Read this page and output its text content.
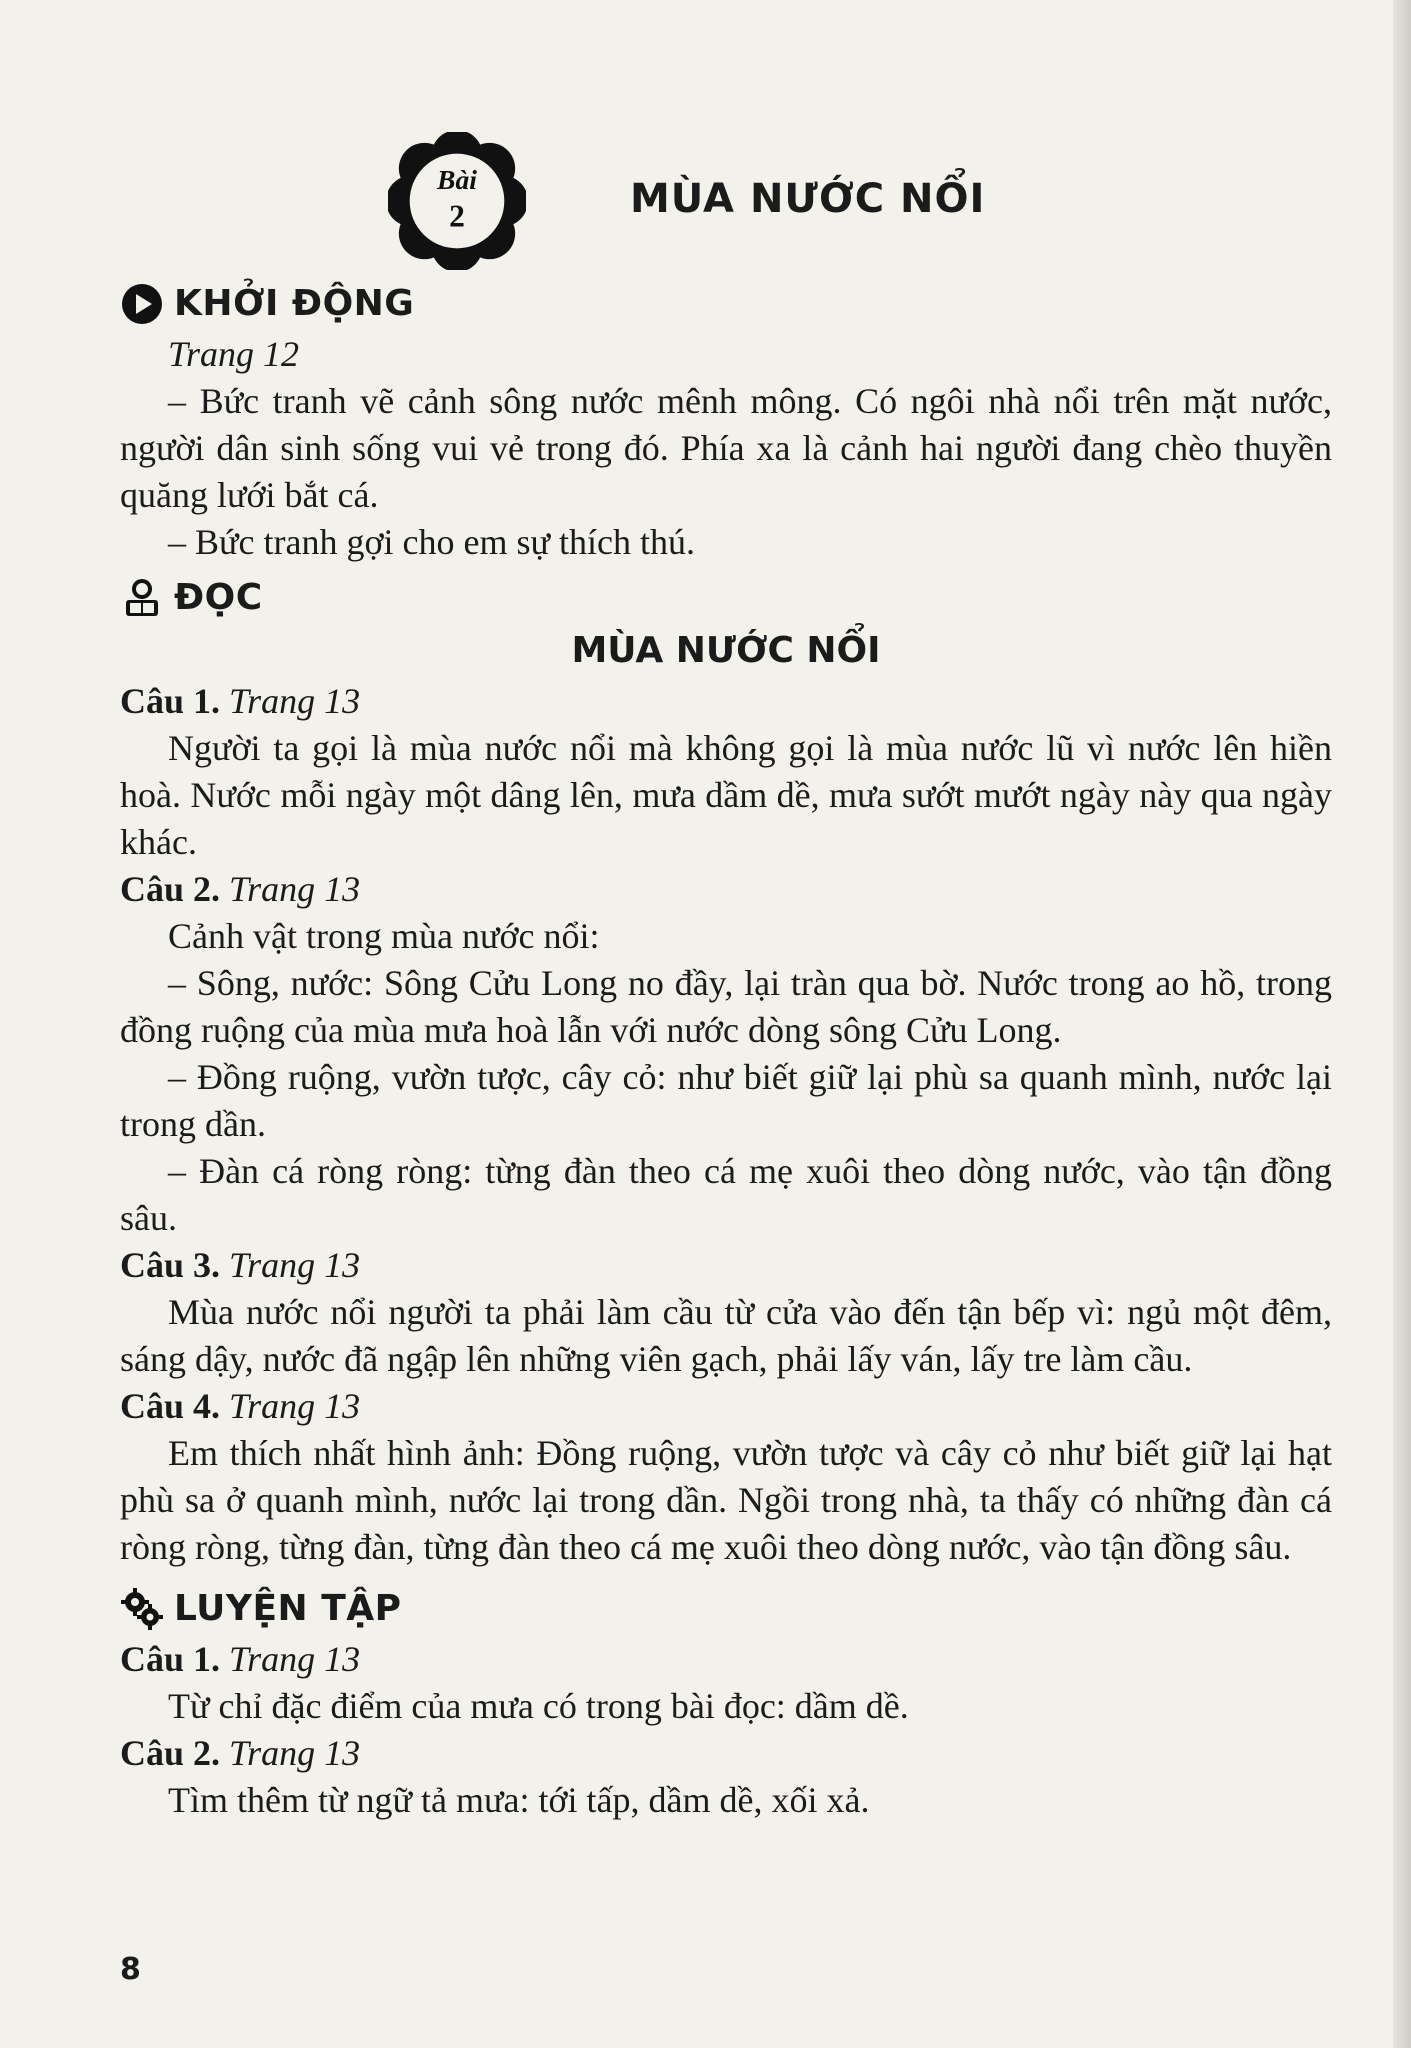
Bài
2	MÙA NƯỚC NỔI
KHỞI ĐỘNG

Trang 12

– Bức tranh vẽ cảnh sông nước mênh mông. Có ngôi nhà nổi trên mặt nước, người dân sinh sống vui vẻ trong đó. Phía xa là cảnh hai người đang chèo thuyền quăng lưới bắt cá.

– Bức tranh gợi cho em sự thích thú.

ĐỌC
MÙA NƯỚC NỔI

Câu 1. Trang 13

Người ta gọi là mùa nước nổi mà không gọi là mùa nước lũ vì nước lên hiền hoà. Nước mỗi ngày một dâng lên, mưa dầm dề, mưa sướt mướt ngày này qua ngày khác.

Câu 2. Trang 13

Cảnh vật trong mùa nước nổi:

– Sông, nước: Sông Cửu Long no đầy, lại tràn qua bờ. Nước trong ao hồ, trong đồng ruộng của mùa mưa hoà lẫn với nước dòng sông Cửu Long.

– Đồng ruộng, vườn tược, cây cỏ: như biết giữ lại phù sa quanh mình, nước lại trong dần.

– Đàn cá ròng ròng: từng đàn theo cá mẹ xuôi theo dòng nước, vào tận đồng sâu.

Câu 3. Trang 13

Mùa nước nổi người ta phải làm cầu từ cửa vào đến tận bếp vì: ngủ một đêm, sáng dậy, nước đã ngập lên những viên gạch, phải lấy ván, lấy tre làm cầu.

Câu 4. Trang 13

Em thích nhất hình ảnh: Đồng ruộng, vườn tược và cây cỏ như biết giữ lại hạt phù sa ở quanh mình, nước lại trong dần. Ngồi trong nhà, ta thấy có những đàn cá ròng ròng, từng đàn, từng đàn theo cá mẹ xuôi theo dòng nước, vào tận đồng sâu.

LUYỆN TẬP

Câu 1. Trang 13

Từ chỉ đặc điểm của mưa có trong bài đọc: dầm dề.

Câu 2. Trang 13

Tìm thêm từ ngữ tả mưa: tới tấp, dầm dề, xối xả.

8
